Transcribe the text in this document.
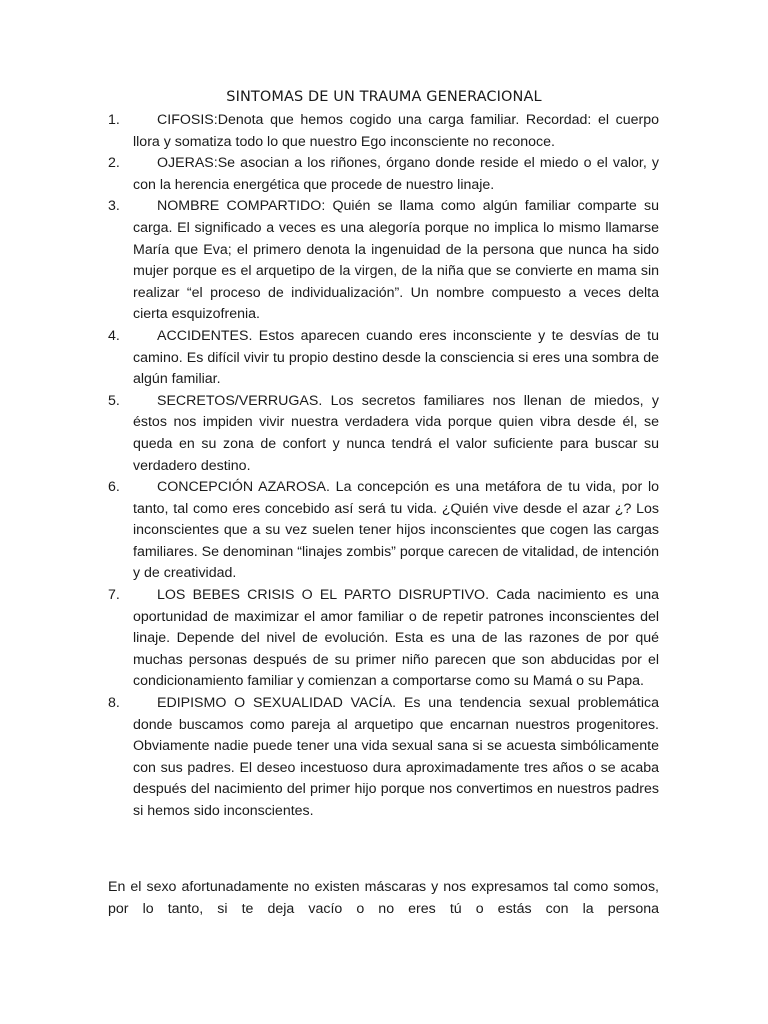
SINTOMAS DE UN TRAUMA GENERACIONAL
1.	CIFOSIS:Denota que hemos cogido una carga familiar. Recordad: el cuerpo llora y somatiza todo lo que nuestro Ego inconsciente no reconoce.
2.	OJERAS:Se asocian a los riñones, órgano donde reside el miedo o el valor, y con la herencia energética que procede de nuestro linaje.
3.	NOMBRE COMPARTIDO: Quién se llama como algún familiar comparte su carga. El significado a veces es una alegoría porque no implica lo mismo llamarse María que Eva; el primero denota la ingenuidad de la persona que nunca ha sido mujer porque es el arquetipo de la virgen, de la niña que se convierte en mama sin realizar “el proceso de individualización”. Un nombre compuesto a veces delta cierta esquizofrenia.
4.	ACCIDENTES. Estos aparecen cuando eres inconsciente y te desvías de tu camino. Es difícil vivir tu propio destino desde la consciencia si eres una sombra de algún familiar.
5.	SECRETOS/VERRUGAS. Los secretos familiares nos llenan de miedos, y éstos nos impiden vivir nuestra verdadera vida porque quien vibra desde él, se queda en su zona de confort y nunca tendrá el valor suficiente para buscar su verdadero destino.
6.	CONCEPCIÓN AZAROSA. La concepción es una metáfora de tu vida, por lo tanto, tal como eres concebido así será tu vida. ¿Quién vive desde el azar ¿? Los inconscientes que a su vez suelen tener hijos inconscientes que cogen las cargas familiares. Se denominan “linajes zombis” porque carecen de vitalidad, de intención y de creatividad.
7.	LOS BEBES CRISIS O EL PARTO DISRUPTIVO. Cada nacimiento es una oportunidad de maximizar el amor familiar o de repetir patrones inconscientes del linaje. Depende del nivel de evolución. Esta es una de las razones de por qué muchas personas después de su primer niño parecen que son abducidas por el condicionamiento familiar y comienzan a comportarse como su Mamá o su Papa.
8.	EDIPISMO O SEXUALIDAD VACÍA. Es una tendencia sexual problemática donde buscamos como pareja al arquetipo que encarnan nuestros progenitores. Obviamente nadie puede tener una vida sexual sana si se acuesta simbólicamente con sus padres. El deseo incestuoso dura aproximadamente tres años o se acaba después del nacimiento del primer hijo porque nos convertimos en nuestros padres si hemos sido inconscientes.

En el sexo afortunadamente no existen máscaras y nos expresamos tal como somos, por lo tanto, si te deja vacío o no eres tú o estás con la persona
